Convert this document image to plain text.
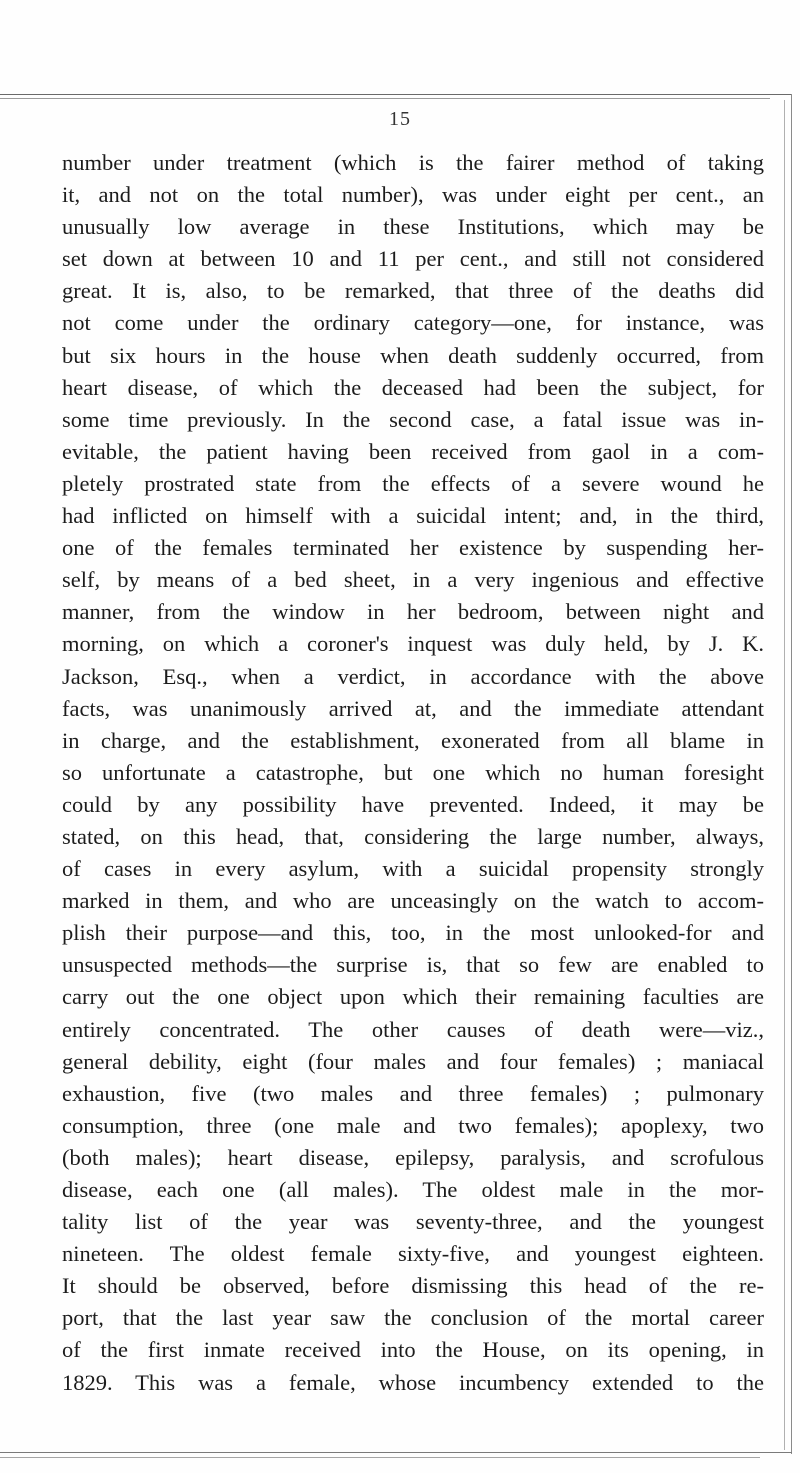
15
number under treatment (which is the fairer method of taking
it, and not on the total number), was under eight per cent., an
unusually low average in these Institutions, which may be
set down at between 10 and 11 per cent., and still not considered
great. It is, also, to be remarked, that three of the deaths did
not come under the ordinary category—one, for instance, was
but six hours in the house when death suddenly occurred, from
heart disease, of which the deceased had been the subject, for
some time previously. In the second case, a fatal issue was in-
evitable, the patient having been received from gaol in a com-
pletely prostrated state from the effects of a severe wound he
had inflicted on himself with a suicidal intent; and, in the third,
one of the females terminated her existence by suspending her-
self, by means of a bed sheet, in a very ingenious and effective
manner, from the window in her bedroom, between night and
morning, on which a coroner's inquest was duly held, by J. K.
Jackson, Esq., when a verdict, in accordance with the above
facts, was unanimously arrived at, and the immediate attendant
in charge, and the establishment, exonerated from all blame in
so unfortunate a catastrophe, but one which no human foresight
could by any possibility have prevented. Indeed, it may be
stated, on this head, that, considering the large number, always,
of cases in every asylum, with a suicidal propensity strongly
marked in them, and who are unceasingly on the watch to accom-
plish their purpose—and this, too, in the most unlooked-for and
unsuspected methods—the surprise is, that so few are enabled to
carry out the one object upon which their remaining faculties are
entirely concentrated. The other causes of death were—viz.,
general debility, eight (four males and four females) ; maniacal
exhaustion, five (two males and three females) ; pulmonary
consumption, three (one male and two females); apoplexy, two
(both males); heart disease, epilepsy, paralysis, and scrofulous
disease, each one (all males). The oldest male in the mor-
tality list of the year was seventy-three, and the youngest
nineteen. The oldest female sixty-five, and youngest eighteen.
It should be observed, before dismissing this head of the re-
port, that the last year saw the conclusion of the mortal career
of the first inmate received into the House, on its opening, in
1829. This was a female, whose incumbency extended to the
